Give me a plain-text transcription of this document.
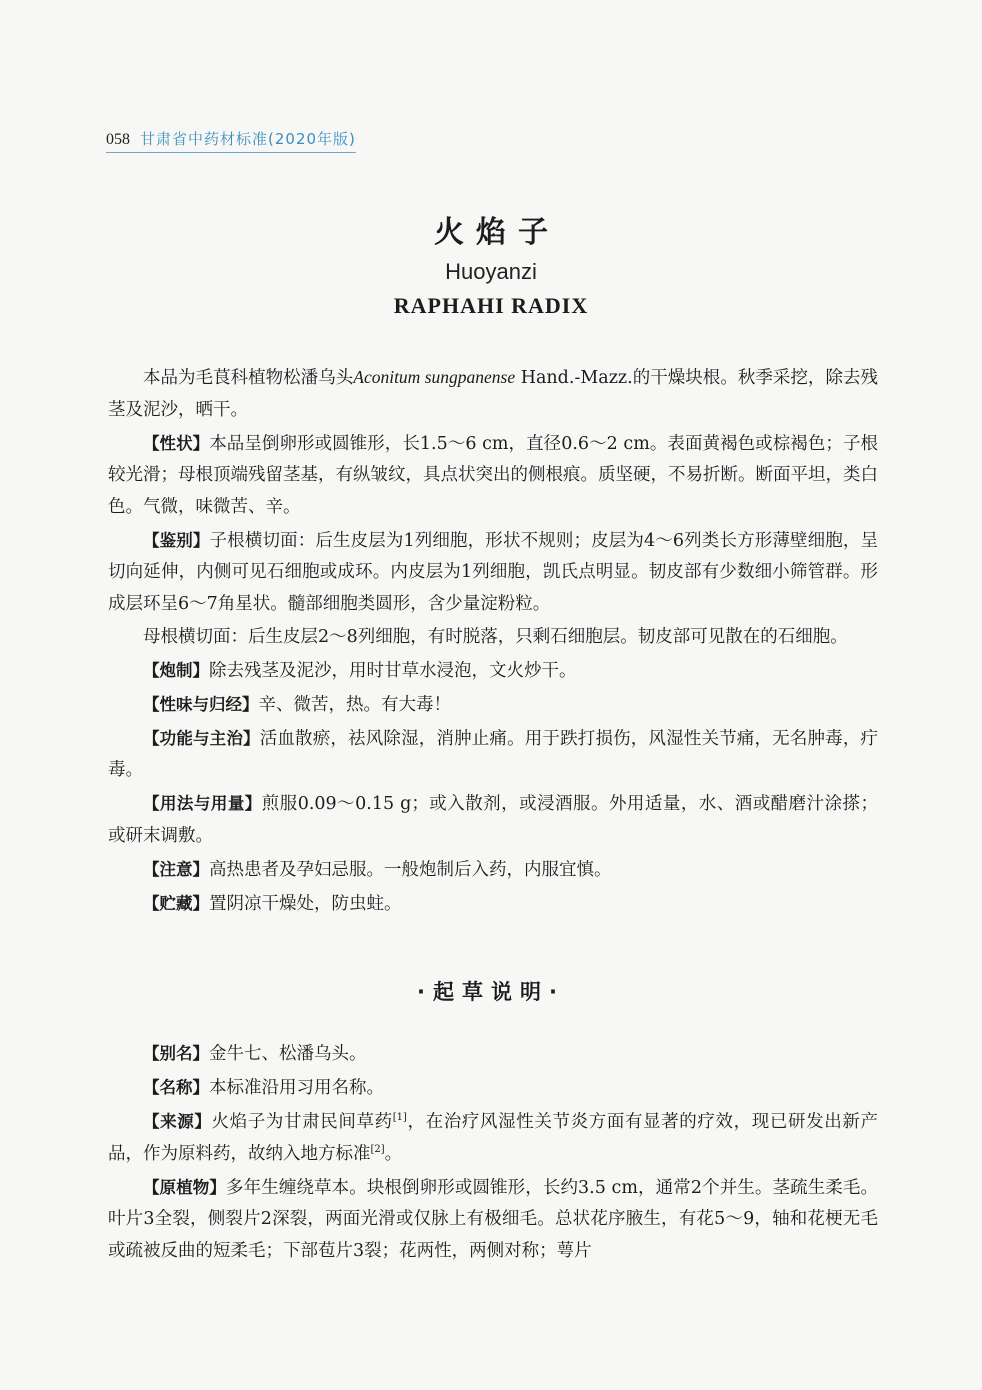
058 甘肃省中药材标准(2020年版)
火焰子
Huoyanzi
RAPHAHI RADIX

本品为毛茛科植物松潘乌头Aconitum sungpanense Hand.-Mazz.的干燥块根。秋季采挖，除去残茎及泥沙，晒干。

【性状】本品呈倒卵形或圆锥形，长1.5～6 cm，直径0.6～2 cm。表面黄褐色或棕褐色；子根较光滑；母根顶端残留茎基，有纵皱纹，具点状突出的侧根痕。质坚硬，不易折断。断面平坦，类白色。气微，味微苦、辛。

【鉴别】子根横切面：后生皮层为1列细胞，形状不规则；皮层为4～6列类长方形薄壁细胞，呈切向延伸，内侧可见石细胞或成环。内皮层为1列细胞，凯氏点明显。韧皮部有少数细小筛管群。形成层环呈6～7角星状。髓部细胞类圆形，含少量淀粉粒。

母根横切面：后生皮层2～8列细胞，有时脱落，只剩石细胞层。韧皮部可见散在的石细胞。

【炮制】除去残茎及泥沙，用时甘草水浸泡，文火炒干。

【性味与归经】辛、微苦，热。有大毒！

【功能与主治】活血散瘀，祛风除湿，消肿止痛。用于跌打损伤，风湿性关节痛，无名肿毒，疔毒。

【用法与用量】煎服0.09～0.15 g；或入散剂，或浸酒服。外用适量，水、酒或醋磨汁涂搽；或研末调敷。

【注意】高热患者及孕妇忌服。一般炮制后入药，内服宜慎。

【贮藏】置阴凉干燥处，防虫蛀。

·起草说明·

【别名】金牛七、松潘乌头。

【名称】本标准沿用习用名称。

【来源】火焰子为甘肃民间草药[1]，在治疗风湿性关节炎方面有显著的疗效，现已研发出新产品，作为原料药，故纳入地方标准[2]。

【原植物】多年生缠绕草本。块根倒卵形或圆锥形，长约3.5 cm，通常2个并生。茎疏生柔毛。叶片3全裂，侧裂片2深裂，两面光滑或仅脉上有极细毛。总状花序腋生，有花5～9，轴和花梗无毛或疏被反曲的短柔毛；下部苞片3裂；花两性，两侧对称；萼片
